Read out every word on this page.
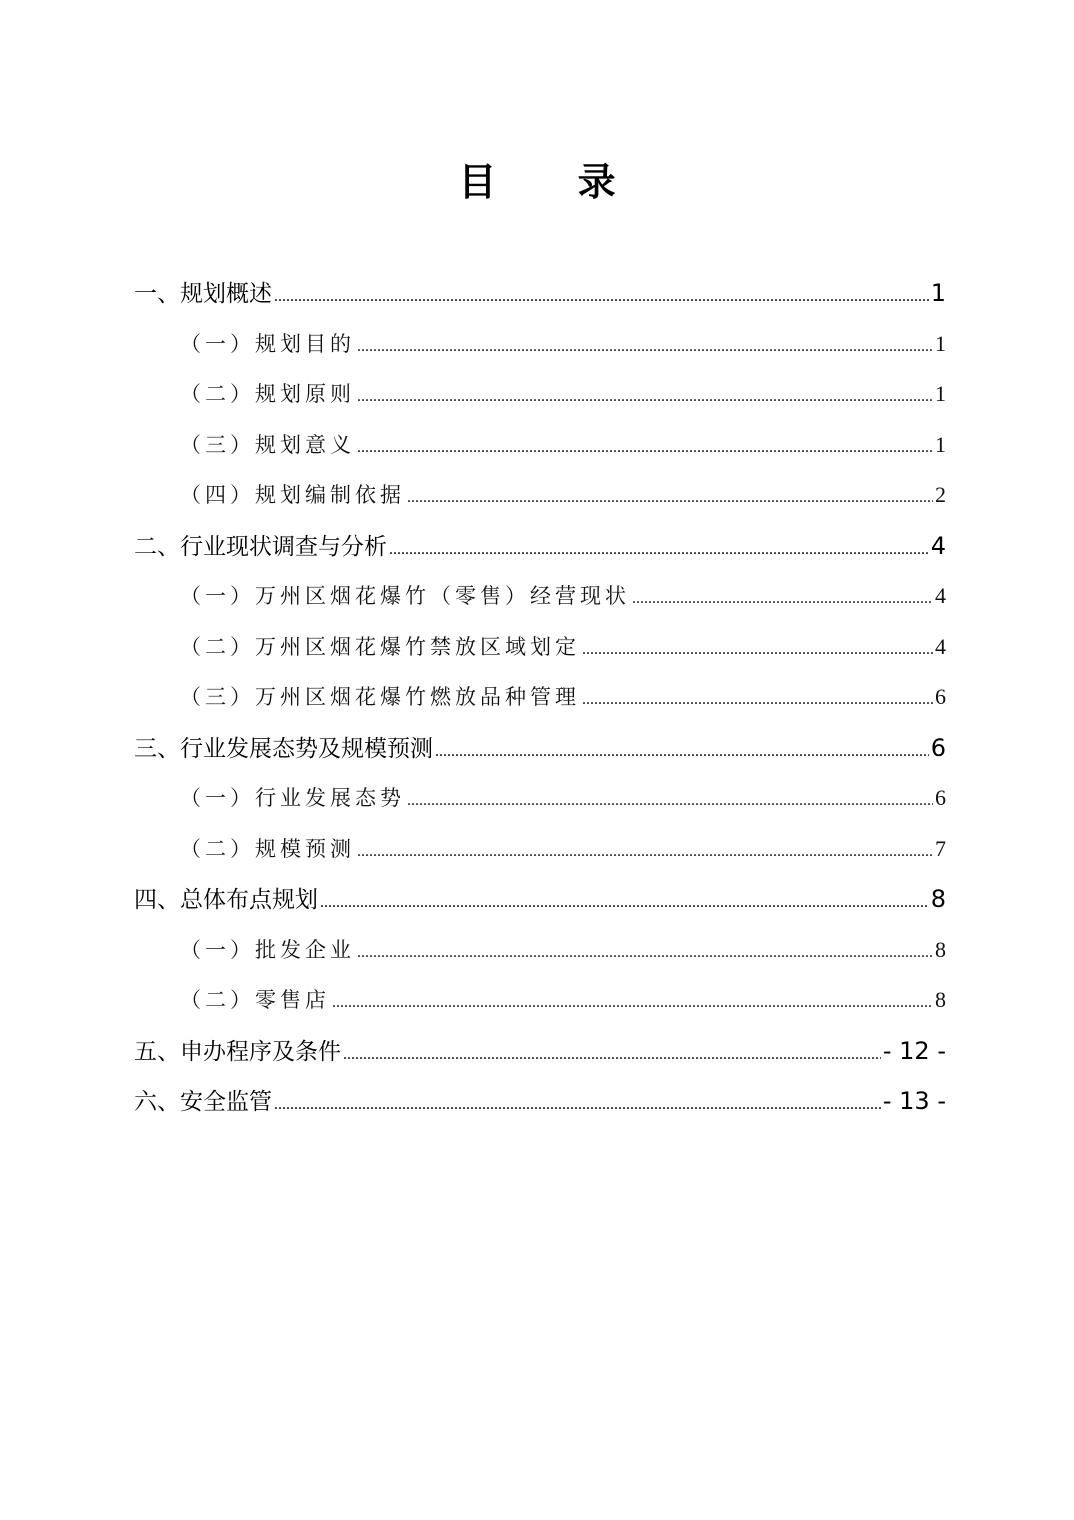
目 录
一、规划概述 .....	1
（一）规划目的 .....	1
（二）规划原则 .....	1
（三）规划意义 .....	1
（四）规划编制依据 .....	2
二、行业现状调查与分析 .....	4
（一）万州区烟花爆竹（零售）经营现状 .....	4
（二）万州区烟花爆竹禁放区域划定 .....	4
（三）万州区烟花爆竹燃放品种管理 .....	6
三、行业发展态势及规模预测 .....	6
（一）行业发展态势 .....	6
（二）规模预测 .....	7
四、总体布点规划 .....	8
（一）批发企业 .....	8
（二）零售店 .....	8
五、申办程序及条件 .....	- 12 -
六、安全监管 .....	- 13 -
